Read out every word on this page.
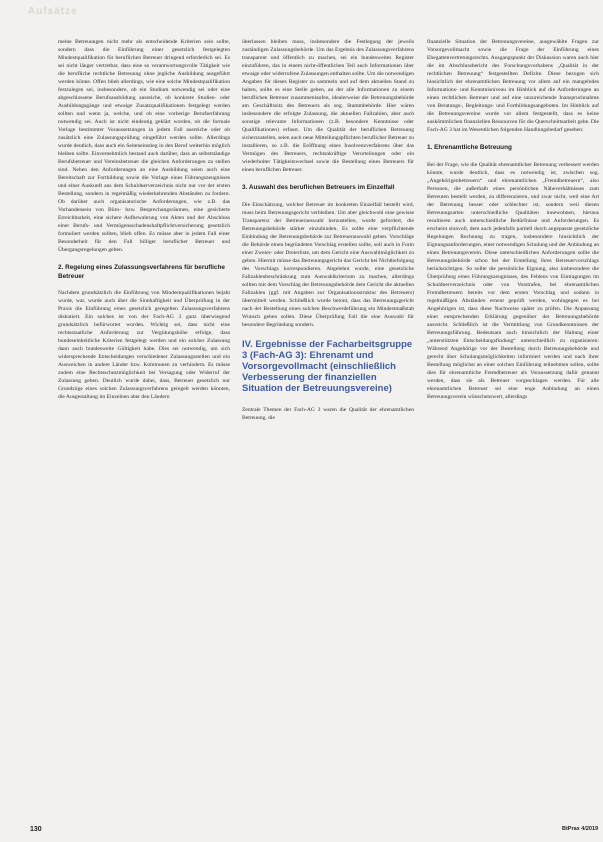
Aufsätze

meine Betreuungen nicht mehr als entscheidende Kriterien sein sollte, sondern dass die Einführung einer gesetzlich festgelegten Mindestqualifikation für beruflichen Betreuer dringend erforderlich sei. Es sei nicht länger vertretbar, dass eine so verantwortungsvolle Tätigkeit wie die berufliche rechtliche Betreuung ohne jegliche Ausbildung ausgeführt werden könne. Offen blieb allerdings, wie eine solche Mindestqualifikation festzulegen sei, insbesondere, ob ein Studium notwendig sei oder eine abgeschlossene Berufsausbildung ausreiche, ob konkrete Studien- oder Ausbildungsgänge und etwaige Zusatzqualifikationen festgelegt werden sollten und wenn ja, welche, und ob eine vorherige Berufserfahrung notwendig sei. Auch ist nicht eindeutig geklärt worden, ob die formale Vorlage bestimmter Voraussetzungen in jedem Fall ausreiche oder ob zusätzlich eine Zulassungsprüfung eingeführt werden sollte. Allerdings wurde deutlich, dass auch ein Seiteneinstieg in den Beruf weiterhin möglich bleiben sollte. Einvernehmlich bestand auch darüber, dass an selbstständige Berufsbetreuer und Vereinsbetreuer die gleichen Anforderungen zu stellen sind. Neben den Anforderungen an eine Ausbildung seien auch eine Bereitschaft zur Fortbildung sowie die Vorlage eines Führungszeugnisses und einer Auskunft aus dem Schuldnerverzeichnis nicht nur vor der ersten Bestellung, sondern in regelmäßig wiederkehrenden Abständen zu fordern. Ob darüber auch organisatorische Anforderungen, wie z.B. das Vorhandensein von Büro- bzw. Besprechungsräumen, eine gesicherte Erreichbarkeit, eine sichere Aufbewahrung von Akten und der Abschluss einer Berufs- und Vermögensschadenshaftpflichtversicherung gesetzlich formuliert werden sollten, blieb offen. Es müsse aber in jedem Fall einer Besonderheit für den Fall billiger beruflicher Betreuer und Übergangsregelungen geben.

2. Regelung eines Zulassungsverfahrens für berufliche Betreuer

Nachdem grundsätzlich die Einführung von Mindestqualifikationen bejaht wurde, war, wurde auch über die Sinnhaftigkeit und Überprüfung in der Praxis die Einführung eines gesetzlich geregelten Zulassungsverfahrens diskutiert. Ein solches ist von der Fach-AG 3 ganz überwiegend grundsätzlich befürwortet worden. Wichtig sei, dass nicht eine rechtsstaatliche Anforderung zur Vergütungshöhe erfolge, dass bundeseinheitliche Kriterien festgelegt werden und ein solcher Zulassung dann auch bundesweite Gültigkeit habe. Dies sei notwendig, um sich widersprechende Entscheidungen verschiedener Zulassungsstellen und ein Ausweichen in andere Länder bzw. Kommunen zu verhindern. Es müsse zudem eine Rechtsschutzmöglichkeit bei Versagung oder Widerruf der Zulassung geben. Deutlich wurde dabei, dass, Betreuer gesetzlich nur Grundzüge eines solchen Zulassungsverfahrens geregelt werden könnten, die Ausgestaltung im Einzelnen aber den Ländern

überlassen bleiben muss, insbesondere die Festlegung der jeweils zuständigen Zulassungsbehörde. Um das Ergebnis des Zulassungsverfahrens transparent und öffentlich zu machen, sei ein bundesweites Register einzuführen, das in einem nicht-öffentlichen Teil auch Informationen über etwaige oder widerrufene Zulassungen enthalten sollte. Um die notwendigen Angaben für dieses Register zu sammeln und auf dem aktuellen Stand zu halten, sollte es eine Stelle geben, an der alle Informationen zu einem beruflichen Betreuer zusammenlaufen, idealerweise die Betreuungsbehörde am Geschäftssitz des Betreuers als sog. Stammbehörde. Hier wären insbesondere die erfolgte Zulassung, die aktuellen Fallzahlen, aber auch sonstige relevante Informationen (z.B. besondere Kenntnisse oder Qualifikationen) erfasst. Um die Qualität der beruflichen Betreuung sicherzustellen, seien auch neue Mitteilungspflichten beruflicher Betreuer zu installieren, so z.B. die Eröffnung eines Insolvenzverfahrens über das Vermögen des Betreuers, rechtsnkräftige Verurteilungen oder ein wiederholter Tätigkeitswechsel sowie die Bestellung eines Betreuers für einen beruflichen Betreuer.

3. Auswahl des beruflichen Betreuers im Einzelfall

Die Einschätzung, welcher Betreuer im konkreten Einzelfall bestellt wird, muss beim Betreuungsgericht verbleiben. Um aber gleichwohl eine gewisse Transparenz der Betreuerauswahl herzustellen, wurde gefordert, die Betreuungsbehörde stärker einzubinden. Es sollte eine verpflichtende Einbindung der Betreuungsbehörde zur Betreuerauswahl geben. Vorschläge die Behörde einen begründeten Vorschlag erstellen sollte, soll auch in Form einer Zweier- oder Dreierliste, um dem Gericht eine Auswahlmöglichkeit zu geben. Hiermit müsse das Betreuungsgericht das Gericht bei Nichtbefolgung des Vorschlags korrespondieren. Abgelehnt wurde, eine gesetzliche Fallzahlenbeschränkung zum Auswahlkriterium zu machen, allerdings sollten mit dem Vorschlag der Betreuungsbehörde dem Gericht die aktuellen Fallzahlen (ggf. mit Angaben zur Organisationsstruktur des Betreuers) übermittelt werden. Schließlich wurde betont, dass das Betreuungsgericht nach der Bestellung eines solchen Beschwerdeführung ein Mindestmaßstab Wunsch geben sollen. Diese Überprüfung Fall die eine Auswahl für besondere Begründung sondern.

IV. Ergebnisse der Facharbeitsgruppe 3 (Fach-AG 3): Ehrenamt und Vorsorgevollmacht (einschließlich Verbesserung der finanziellen Situation der Betreuungsvereine)

Zentrale Themen der Fach-AG 3 waren die Qualität der ehrenamtlichen Betreuung, die

finanzielle Situation der Betreuungsvereine, ausgewählte Fragen zur Vorsorgevollmacht sowie die Frage der Einführung eines Ehegattenvertretungsrechts. Ausgangspunkt der Diskussion waren auch hier die im Abschlussbericht des Forschungsvorhabens „Qualität in der rechtlichen Betreuung“ festgestellten Defizite. Diese bezogen sich hinsichtlich der ehrenamtlichen Betreuung vor allem auf ein mangelndes Informations- und Kenntnisniveau im Hinblick auf die Anforderungen an einen rechtlichen Betreuer und auf eine unzureichende Inanspruchnahme von Beratungs-, Begleitungs- und Fortbildungsangeboten. Im Hinblick auf die Betreuungsvereine wurde vor allem festgestellt, dass es keine auskömmlichen finanziellen Ressourcen für die Querschnittsarbeit gebe. Die Fach-AG 3 hat im Wesentlichen folgenden Handlungsbedarf gesehen:

1. Ehrenamtliche Betreuung

Bei der Frage, wie die Qualität ehrenamtlicher Betreuung verbessert werden könnte, wurde deutlich, dass es notwendig ist, zwischen sog. „Angehörigenbetreuern“ und ehrenamtlichen „Fremdbetreuern“, also Personen, die außerhalb eines persönlichen Näheverhältnisses zum Betreuten bestellt werden, zu differenzieren, und zwar nicht, weil eine Art der Betreuung besser oder schlechter ist, sondern weil diesen Betreuungsarten unterschiedliche Qualitäten innewohnen, hieraus resultieren auch unterschiedliche Bedürfnisse und Anforderungen. Es erscheint sinnvoll, dem auch jedenfalls partiell durch angepasste gesetzliche Regelungen Rechnung zu tragen, insbesondere hinsichtlich der Eignungsanforderungen, einer notwendigen Schulung und der Anbindung an einen Betreuungsverein. Diese unterschiedlichen Anforderungen sollte die Betreuungsbehörde schon bei der Erstellung ihres Betreuervorschlags berücksichtigen. So sollte die persönliche Eignung, also insbesondere die Überprüfung eines Führungszeugnisses, des Fehlens von Eintragungen im Schuldnerverzeichnis oder von Vorstrafen, bei ehrenamtlichen Fremdbetreuern bereits vor dem ersten Vorschlag und sodann in regelmäßigen Abständen erneut geprüft werden, wohingegen es bei Angehörigen ist, dass diese Nachweise später zu prüfen. Die Anpassung einer entsprechenden Erklärung gegenüber der Betreuungsbehörde ausreicht. Schließlich ist die Vermittlung von Grundkenntnissen der Betreuungsführung. Bedeutsam auch hinsichtlich der Haltung einer „unterstützten Entscheidungsfindung“ unterschiedlich zu organisieren: Während Angehörige vor der Bestellung durch Betreuungsbehörde und gerecht über Schulungsmöglichkeiten informiert werden und nach ihrer Bestellung möglichst an einer solchen Einführung teilnehmen sollen, sollte dies für ehrenamtliche Fremdbetreuer als Voraussetzung dafür genannt werden, dass sie als Betreuer vorgeschlagen werden. Für alle ehrenamtlichen Betreuer sei eine enge Anbindung an einen Betreuungsverein wünschenswert, allerdings

130	BtPrax 4/2019
